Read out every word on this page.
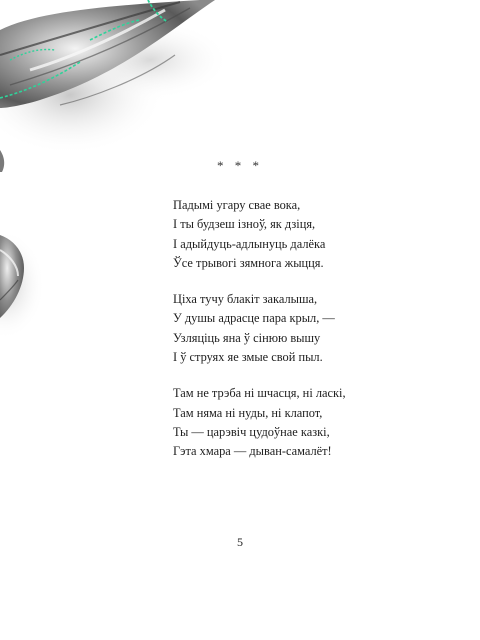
* * *
Падымі угару свае вока,
І ты будзеш ізноў, як дзіця,
І адыйдуць-адлынуць далёка
Ўсе трывогі зямнога жыцця.
Ціха тучу блакіт закалыша,
У душы адрасце пара крыл, —
Узляціць яна ў сінюю вышу
І ў струях яе змые свой пыл.
Там не трэба ні шчасця, ні ласкі,
Там няма ні нуды, ні клапот,
Ты — царэвіч цудоўнае казкі,
Гэта хмара — дыван-самалёт!
5
